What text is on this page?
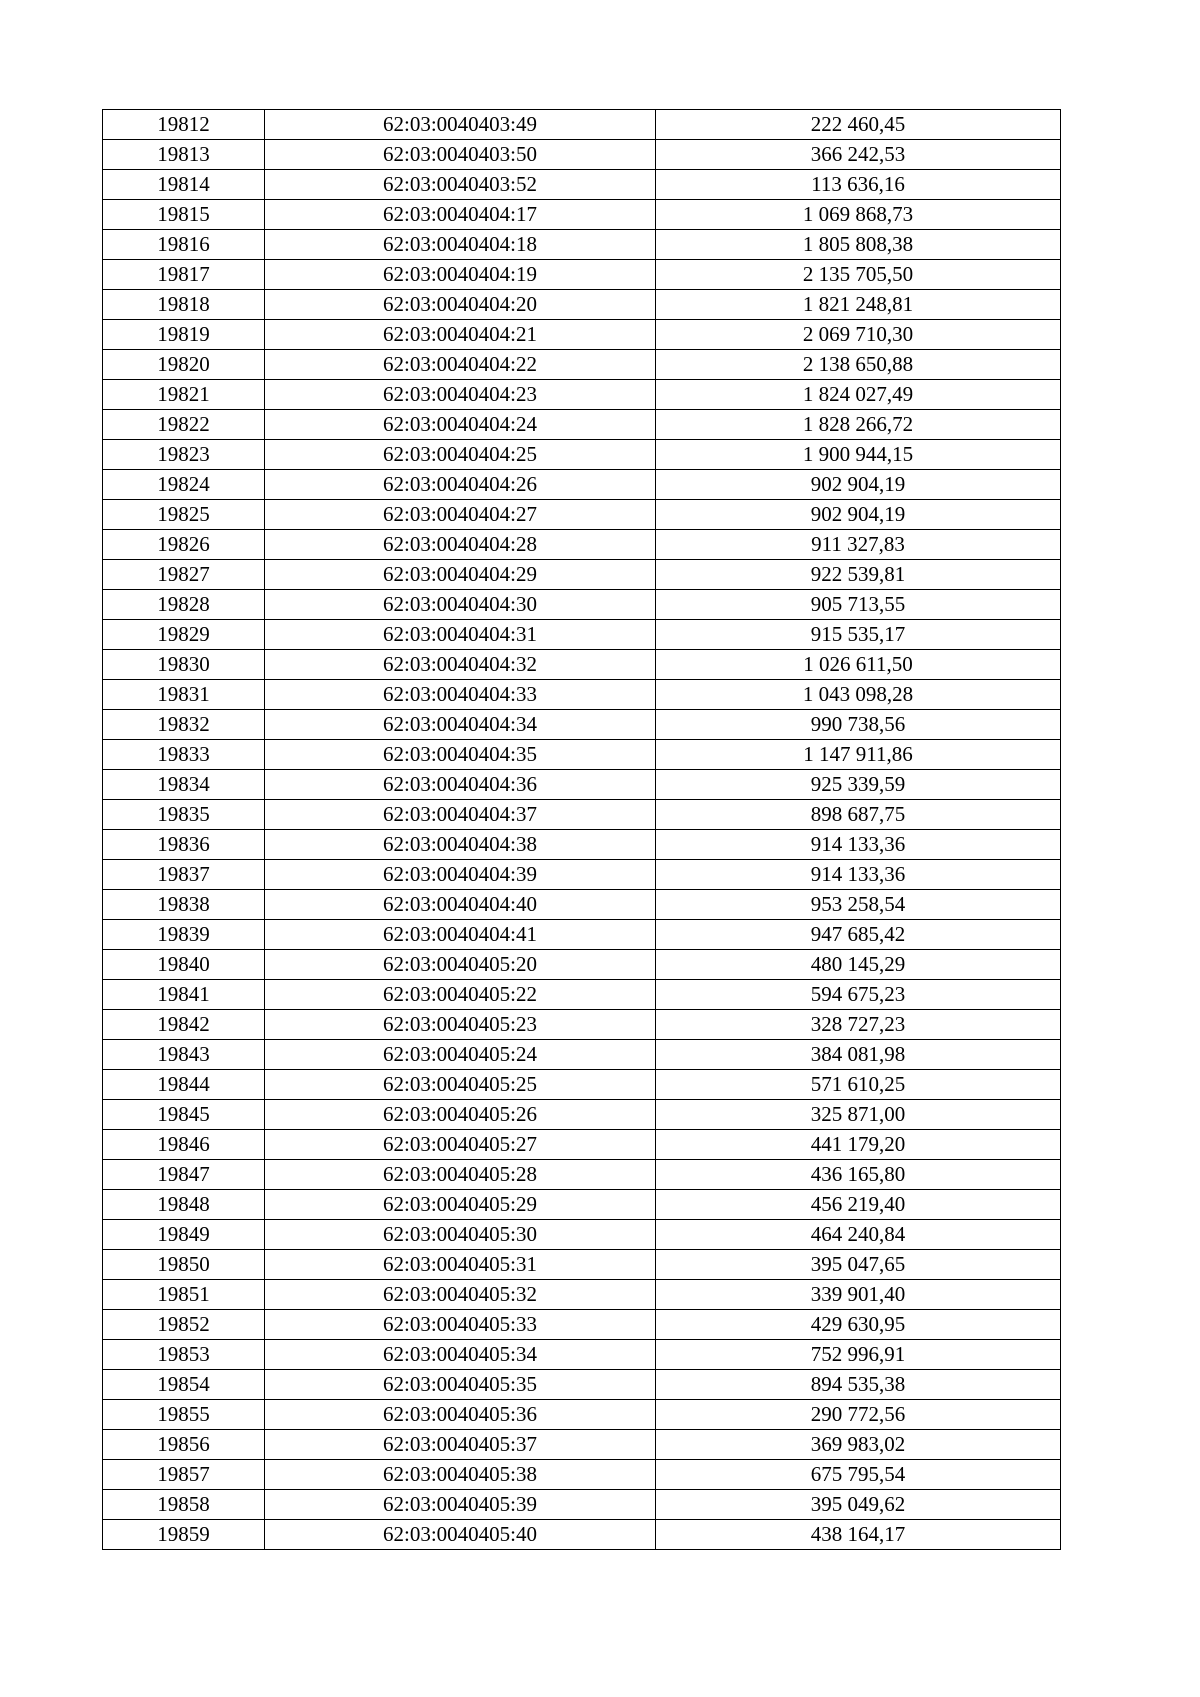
19812	62:03:0040403:49	222 460,45
19813	62:03:0040403:50	366 242,53
19814	62:03:0040403:52	113 636,16
19815	62:03:0040404:17	1 069 868,73
19816	62:03:0040404:18	1 805 808,38
19817	62:03:0040404:19	2 135 705,50
19818	62:03:0040404:20	1 821 248,81
19819	62:03:0040404:21	2 069 710,30
19820	62:03:0040404:22	2 138 650,88
19821	62:03:0040404:23	1 824 027,49
19822	62:03:0040404:24	1 828 266,72
19823	62:03:0040404:25	1 900 944,15
19824	62:03:0040404:26	902 904,19
19825	62:03:0040404:27	902 904,19
19826	62:03:0040404:28	911 327,83
19827	62:03:0040404:29	922 539,81
19828	62:03:0040404:30	905 713,55
19829	62:03:0040404:31	915 535,17
19830	62:03:0040404:32	1 026 611,50
19831	62:03:0040404:33	1 043 098,28
19832	62:03:0040404:34	990 738,56
19833	62:03:0040404:35	1 147 911,86
19834	62:03:0040404:36	925 339,59
19835	62:03:0040404:37	898 687,75
19836	62:03:0040404:38	914 133,36
19837	62:03:0040404:39	914 133,36
19838	62:03:0040404:40	953 258,54
19839	62:03:0040404:41	947 685,42
19840	62:03:0040405:20	480 145,29
19841	62:03:0040405:22	594 675,23
19842	62:03:0040405:23	328 727,23
19843	62:03:0040405:24	384 081,98
19844	62:03:0040405:25	571 610,25
19845	62:03:0040405:26	325 871,00
19846	62:03:0040405:27	441 179,20
19847	62:03:0040405:28	436 165,80
19848	62:03:0040405:29	456 219,40
19849	62:03:0040405:30	464 240,84
19850	62:03:0040405:31	395 047,65
19851	62:03:0040405:32	339 901,40
19852	62:03:0040405:33	429 630,95
19853	62:03:0040405:34	752 996,91
19854	62:03:0040405:35	894 535,38
19855	62:03:0040405:36	290 772,56
19856	62:03:0040405:37	369 983,02
19857	62:03:0040405:38	675 795,54
19858	62:03:0040405:39	395 049,62
19859	62:03:0040405:40	438 164,17
